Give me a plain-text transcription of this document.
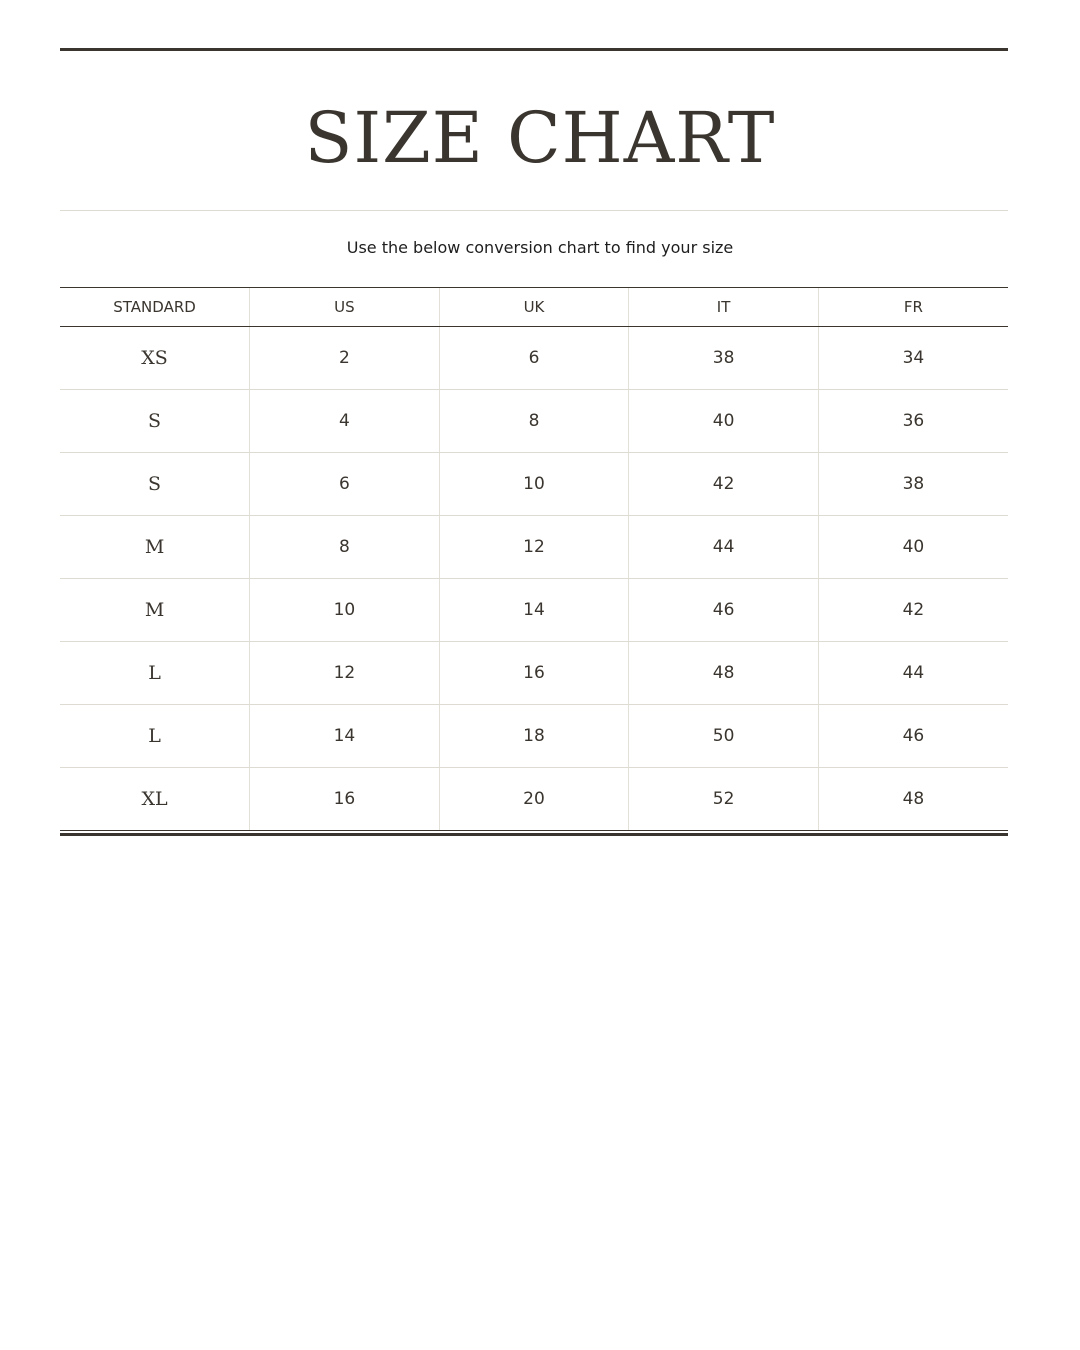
SIZE CHART

Use the below conversion chart to find your size

STANDARD	US	UK	IT	FR
XS	2	6	38	34
S	4	8	40	36
S	6	10	42	38
M	8	12	44	40
M	10	14	46	42
L	12	16	48	44
L	14	18	50	46
XL	16	20	52	48
